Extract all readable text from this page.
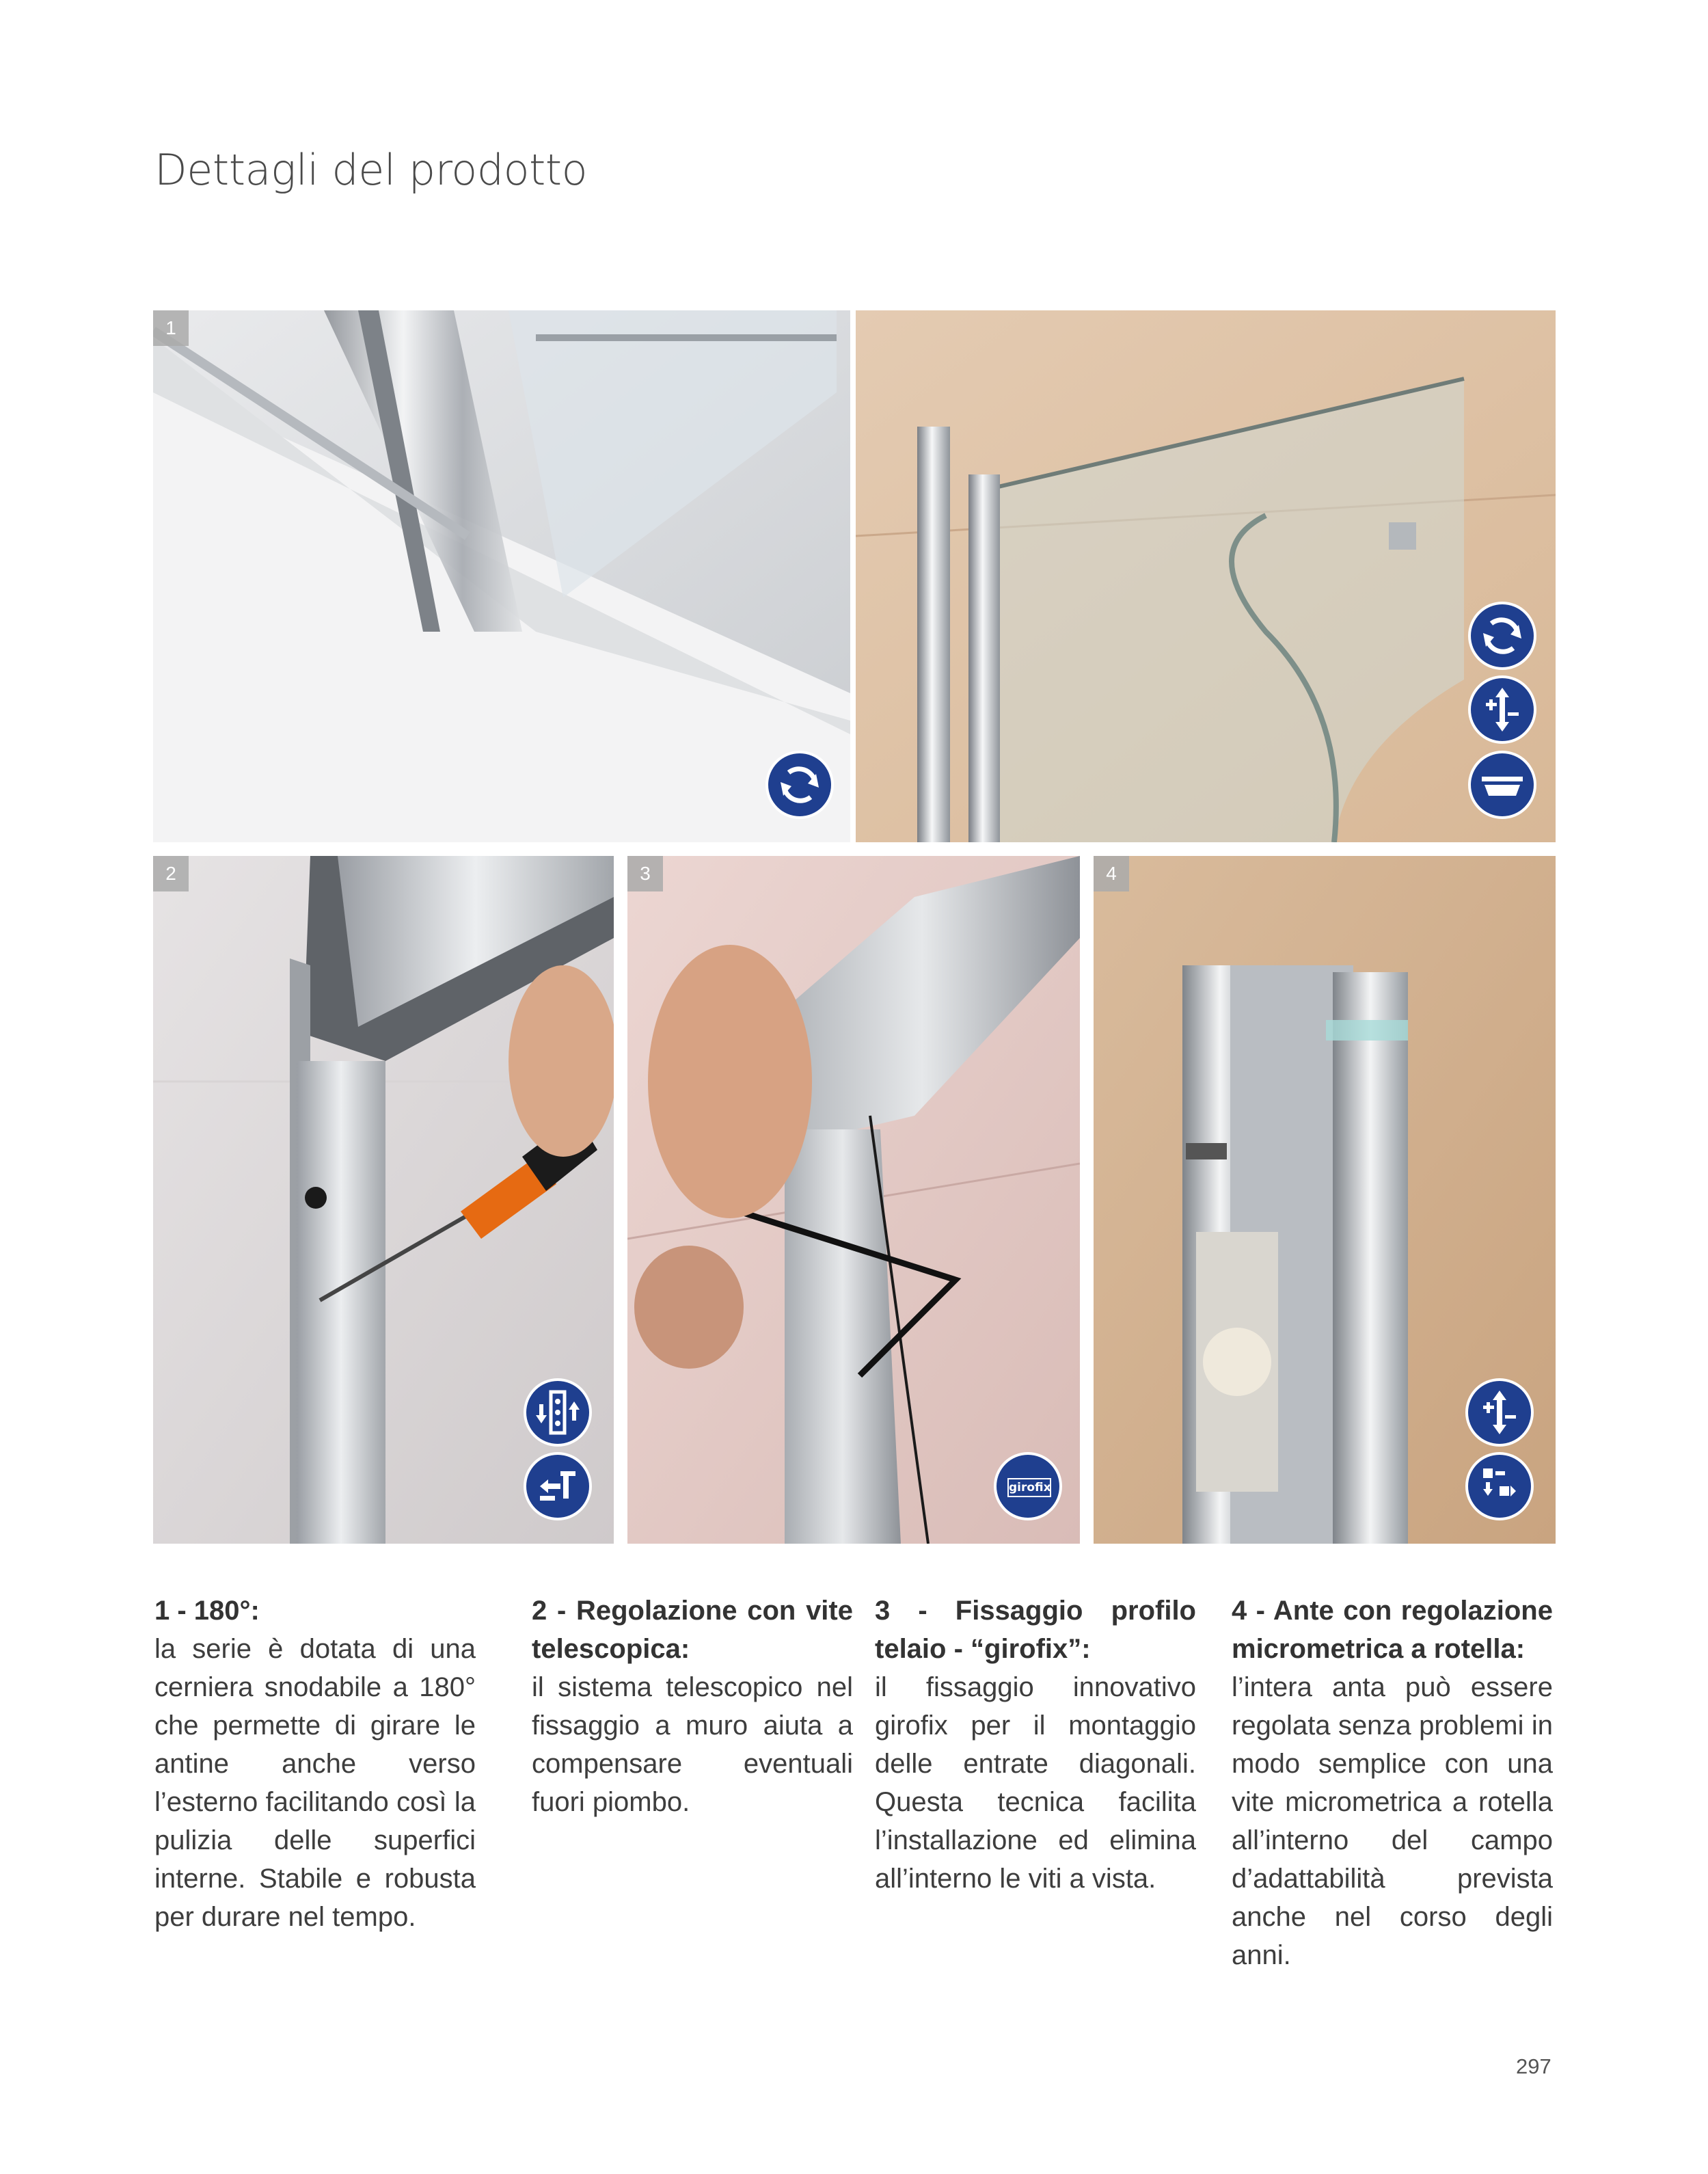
Dettagli del prodotto
1
2	3
girofix
4
1 - 180°:

la serie è dotata di una cerniera snodabile a 180° che permette di girare le antine anche verso l’esterno facilitando così la pulizia delle superfici interne. Stabile e robusta per durare nel tempo.

2 - Regolazione con vite telescopica:

il sistema telescopico nel fissaggio a muro aiuta a compensare eventuali fuori piombo.

3 - Fissaggio profilo telaio - “girofix”:

il fissaggio innovativo girofix per il montaggio delle entrate diagonali. Questa tecnica facilita l’installazione ed elimina all’interno le viti a vista.

4 - Ante con regolazione micrometrica a rotella:

l’intera anta può essere regolata senza problemi in modo semplice con una vite micrometrica a rotella all’interno del campo d’adattabilità prevista anche nel corso degli anni.

297
